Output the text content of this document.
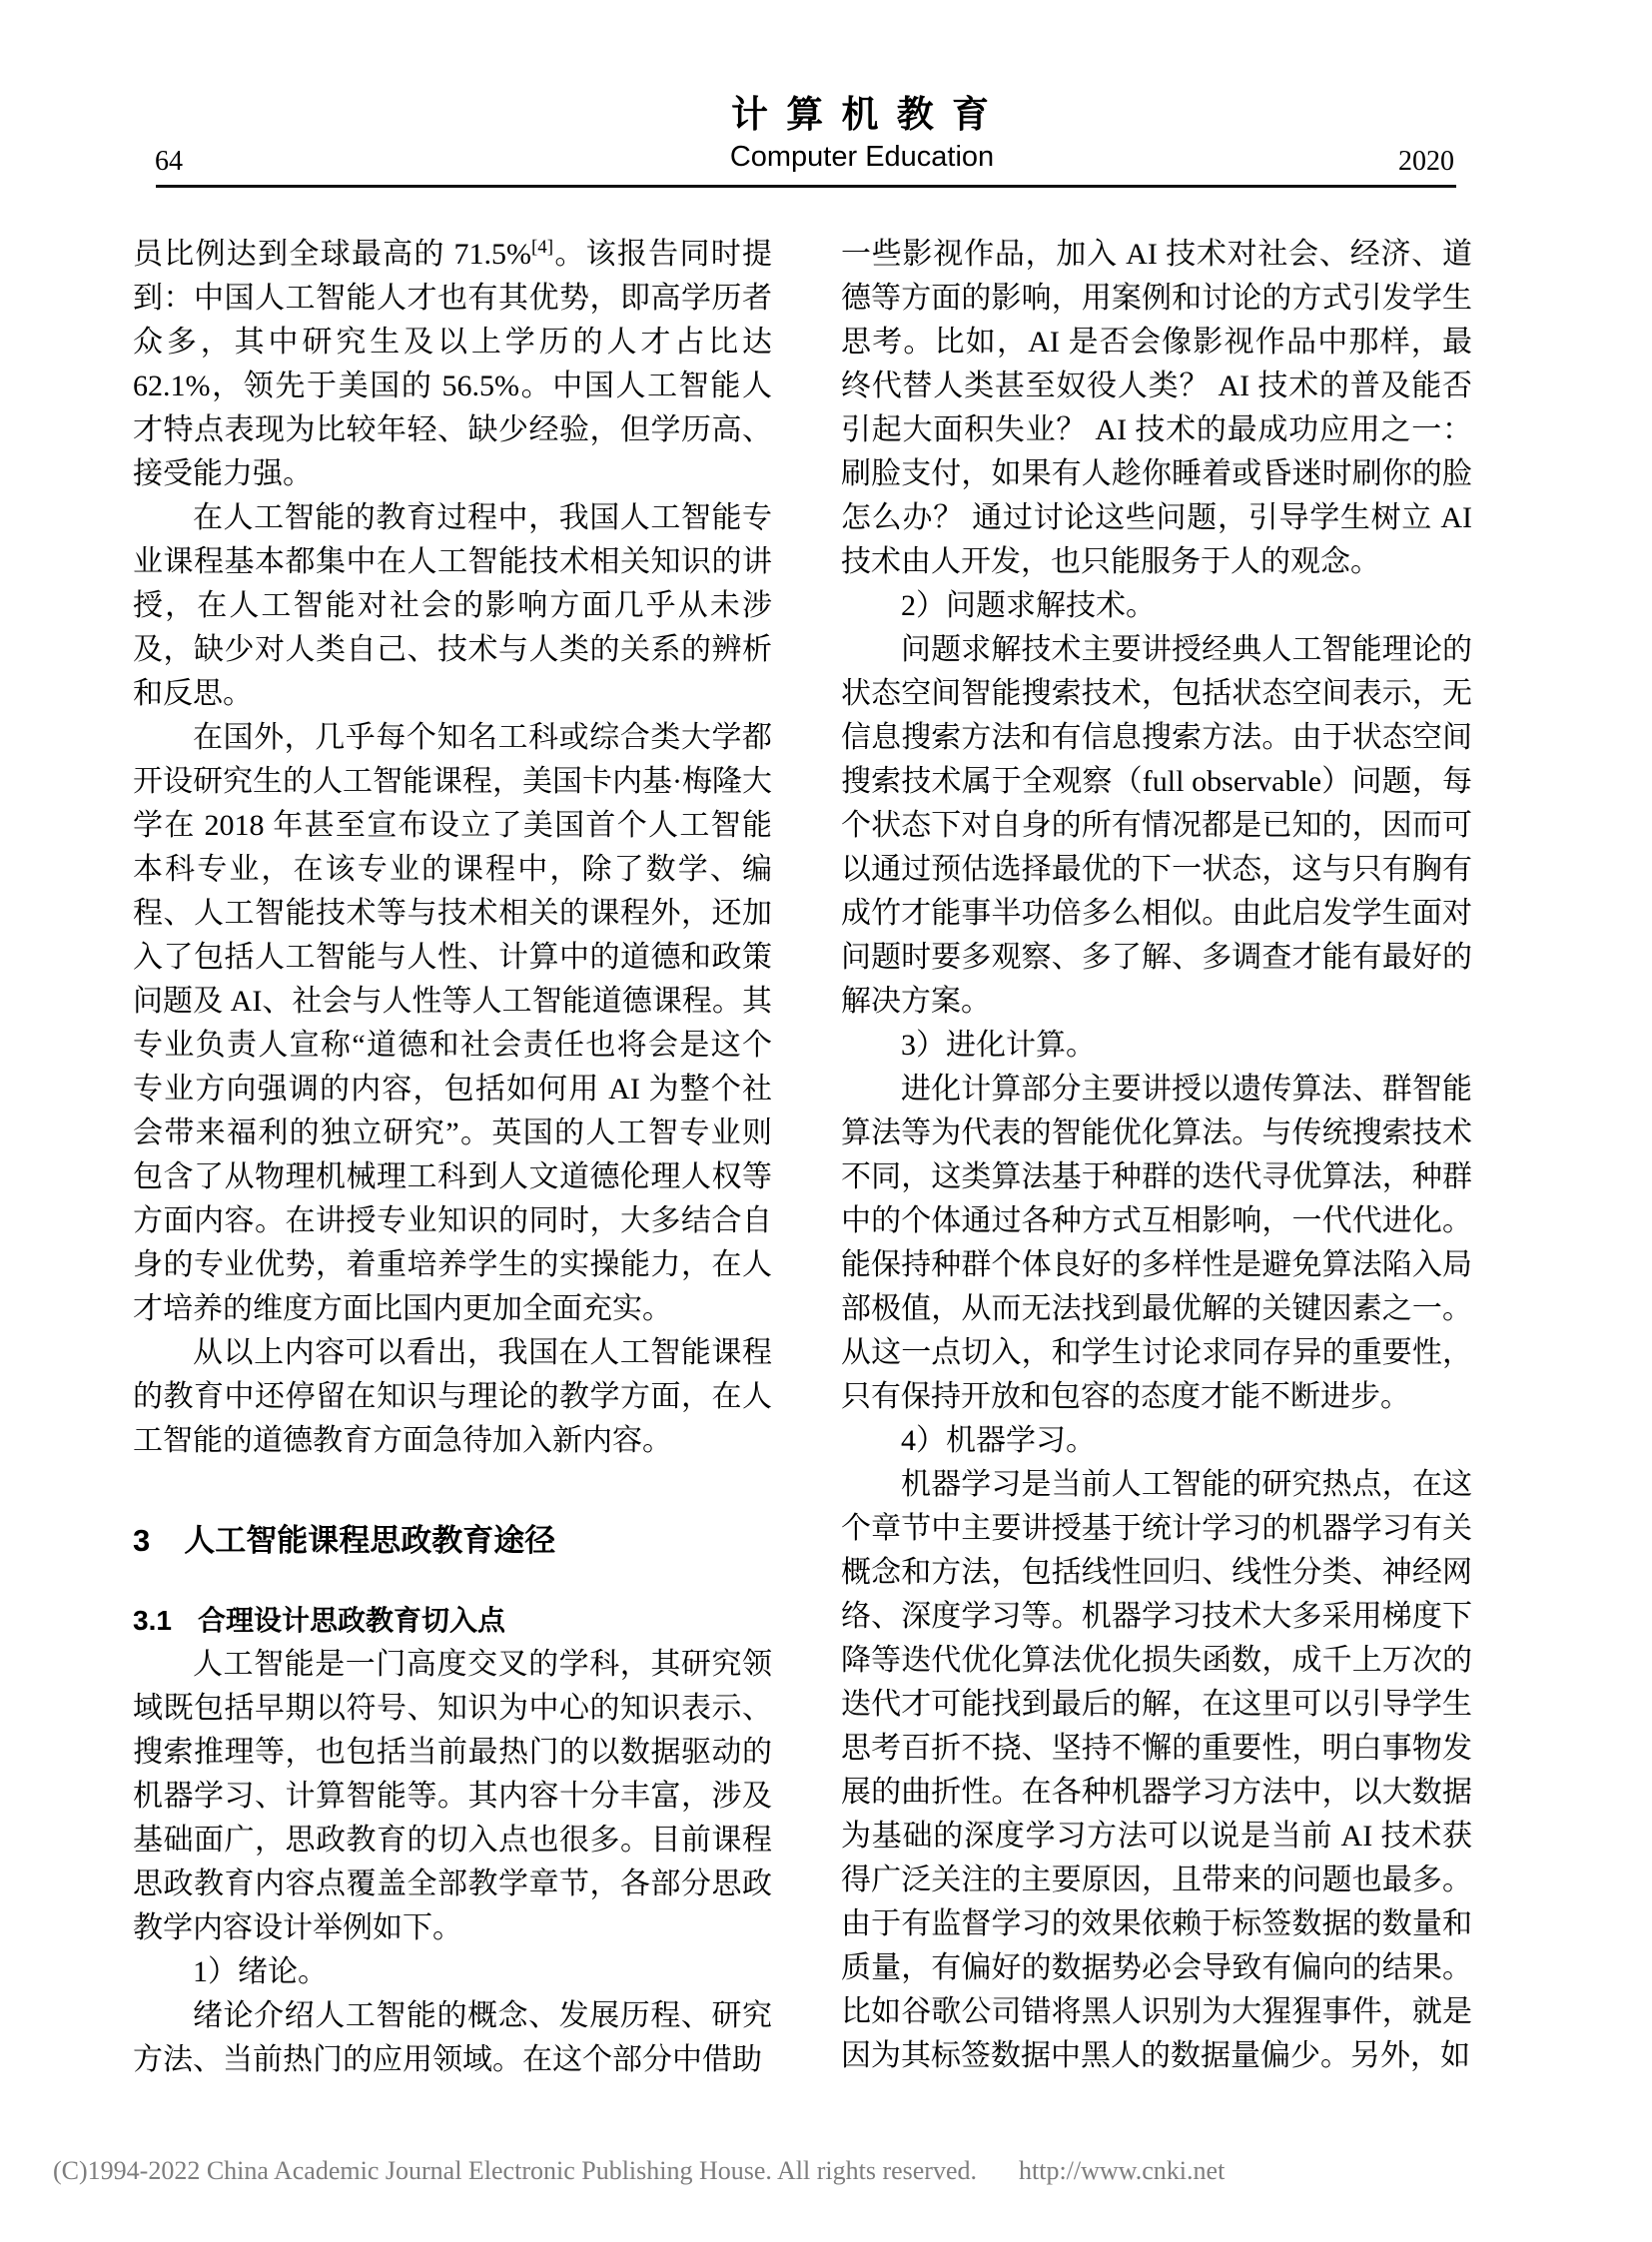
计 算 机 教 育
Computer Education
64	2020

员比例达到全球最高的 71.5%[4]。该报告同时提到：中国人工智能人才也有其优势，即高学历者众多，其中研究生及以上学历的人才占比达 62.1%，领先于美国的 56.5%。中国人工智能人才特点表现为比较年轻、缺少经验，但学历高、接受能力强。

在人工智能的教育过程中，我国人工智能专业课程基本都集中在人工智能技术相关知识的讲授，在人工智能对社会的影响方面几乎从未涉及，缺少对人类自己、技术与人类的关系的辨析和反思。

在国外，几乎每个知名工科或综合类大学都开设研究生的人工智能课程，美国卡内基·梅隆大学在 2018 年甚至宣布设立了美国首个人工智能本科专业，在该专业的课程中，除了数学、编程、人工智能技术等与技术相关的课程外，还加入了包括人工智能与人性、计算中的道德和政策问题及 AI、社会与人性等人工智能道德课程。其专业负责人宣称“道德和社会责任也将会是这个专业方向强调的内容，包括如何用 AI 为整个社会带来福利的独立研究”。英国的人工智专业则包含了从物理机械理工科到人文道德伦理人权等方面内容。在讲授专业知识的同时，大多结合自身的专业优势，着重培养学生的实操能力，在人才培养的维度方面比国内更加全面充实。

从以上内容可以看出，我国在人工智能课程的教育中还停留在知识与理论的教学方面，在人工智能的道德教育方面急待加入新内容。

3 人工智能课程思政教育途径
3.1 合理设计思政教育切入点

人工智能是一门高度交叉的学科，其研究领域既包括早期以符号、知识为中心的知识表示、搜索推理等，也包括当前最热门的以数据驱动的机器学习、计算智能等。其内容十分丰富，涉及基础面广，思政教育的切入点也很多。目前课程思政教育内容点覆盖全部教学章节，各部分思政教学内容设计举例如下。

1）绪论。

绪论介绍人工智能的概念、发展历程、研究方法、当前热门的应用领域。在这个部分中借助

一些影视作品，加入 AI 技术对社会、经济、道德等方面的影响，用案例和讨论的方式引发学生思考。比如，AI 是否会像影视作品中那样，最终代替人类甚至奴役人类？ AI 技术的普及能否引起大面积失业？ AI 技术的最成功应用之一：刷脸支付，如果有人趁你睡着或昏迷时刷你的脸怎么办？ 通过讨论这些问题，引导学生树立 AI 技术由人开发，也只能服务于人的观念。

2）问题求解技术。

问题求解技术主要讲授经典人工智能理论的状态空间智能搜索技术，包括状态空间表示，无信息搜索方法和有信息搜索方法。由于状态空间搜索技术属于全观察（full observable）问题，每个状态下对自身的所有情况都是已知的，因而可以通过预估选择最优的下一状态，这与只有胸有成竹才能事半功倍多么相似。由此启发学生面对问题时要多观察、多了解、多调查才能有最好的解决方案。

3）进化计算。

进化计算部分主要讲授以遗传算法、群智能算法等为代表的智能优化算法。与传统搜索技术不同，这类算法基于种群的迭代寻优算法，种群中的个体通过各种方式互相影响，一代代进化。能保持种群个体良好的多样性是避免算法陷入局部极值，从而无法找到最优解的关键因素之一。从这一点切入，和学生讨论求同存异的重要性，只有保持开放和包容的态度才能不断进步。

4）机器学习。

机器学习是当前人工智能的研究热点，在这个章节中主要讲授基于统计学习的机器学习有关概念和方法，包括线性回归、线性分类、神经网络、深度学习等。机器学习技术大多采用梯度下降等迭代优化算法优化损失函数，成千上万次的迭代才可能找到最后的解，在这里可以引导学生思考百折不挠、坚持不懈的重要性，明白事物发展的曲折性。在各种机器学习方法中，以大数据为基础的深度学习方法可以说是当前 AI 技术获得广泛关注的主要原因，且带来的问题也最多。由于有监督学习的效果依赖于标签数据的数量和质量，有偏好的数据势必会导致有偏向的结果。比如谷歌公司错将黑人识别为大猩猩事件，就是因为其标签数据中黑人的数据量偏少。另外，如

(C)1994-2022 China Academic Journal Electronic Publishing House. All rights reserved. http://www.cnki.net
